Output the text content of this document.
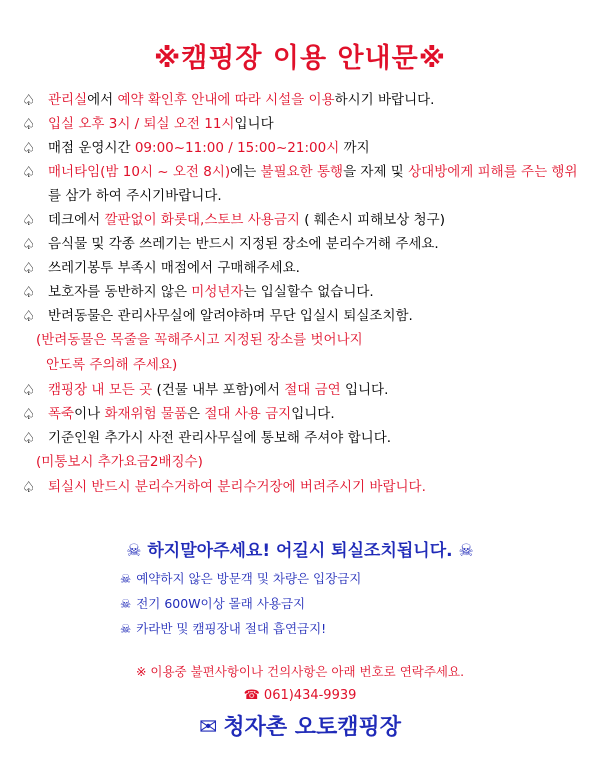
※캠핑장 이용 안내문※
♤ 관리실에서 예약 확인후 안내에 따라 시설을 이용하시기 바랍니다.
♤ 입실 오후 3시 / 퇴실 오전 11시입니다
♤ 매점 운영시간 09:00~11:00 / 15:00~21:00시 까지
♤ 매너타임(밤 10시 ~ 오전 8시)에는 불필요한 통행을 자제 및 상대방에게 피해를 주는 행위를 삼가 하여 주시기바랍니다.
♤ 데크에서 깔판없이 화롯대,스토브 사용금지 ( 훼손시 피해보상 청구)
♤ 음식물 및 각종 쓰레기는 반드시 지정된 장소에 분리수거해 주세요.
♤ 쓰레기봉투 부족시 매점에서 구매해주세요.
♤ 보호자를 동반하지 않은 미성년자는 입실할수 없습니다.
♤ 반려동물은 관리사무실에 알려야하며 무단 입실시 퇴실조치함.
(반려동물은 목줄을 꼭해주시고 지정된 장소를 벗어나지
안도록 주의해 주세요)
♤ 캠핑장 내 모든 곳 (건물 내부 포함)에서 절대 금연 입니다.
♤ 폭죽이나 화재위험 물품은 절대 사용 금지입니다.
♤ 기준인원 추가시 사전 관리사무실에 통보해 주셔야 합니다.
(미통보시 추가요금2배징수)
♤ 퇴실시 반드시 분리수거하여 분리수거장에 버려주시기 바랍니다.
☠ 하지말아주세요! 어길시 퇴실조치됩니다. ☠
☠ 예약하지 않은 방문객 및 차량은 입장금지
☠ 전기 600W이상 몰래 사용금지
☠ 카라반 및 캠핑장내 절대 흡연금지!
※ 이용중 불편사항이나 건의사항은 아래 번호로 연락주세요.
☎ 061)434-9939
✉ 청자촌 오토캠핑장
